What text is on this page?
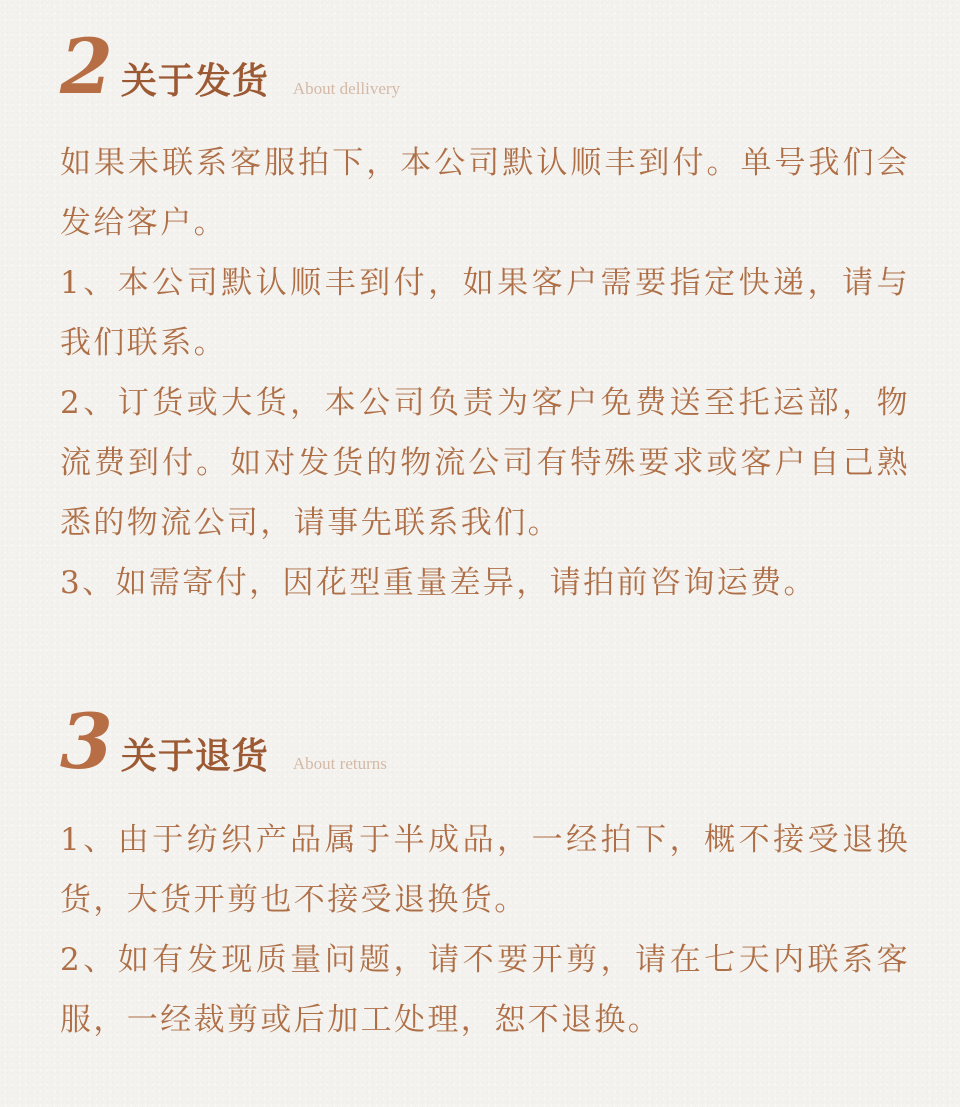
2 关于发货 About dellivery

如果未联系客服拍下，本公司默认顺丰到付。单号我们会发给客户。

1、本公司默认顺丰到付，如果客户需要指定快递，请与我们联系。

2、订货或大货，本公司负责为客户免费送至托运部，物流费到付。如对发货的物流公司有特殊要求或客户自己熟悉的物流公司，请事先联系我们。

3、如需寄付，因花型重量差异，请拍前咨询运费。

3 关于退货 About returns

1、由于纺织产品属于半成品，一经拍下，概不接受退换货，大货开剪也不接受退换货。

2、如有发现质量问题，请不要开剪，请在七天内联系客服，一经裁剪或后加工处理，恕不退换。
